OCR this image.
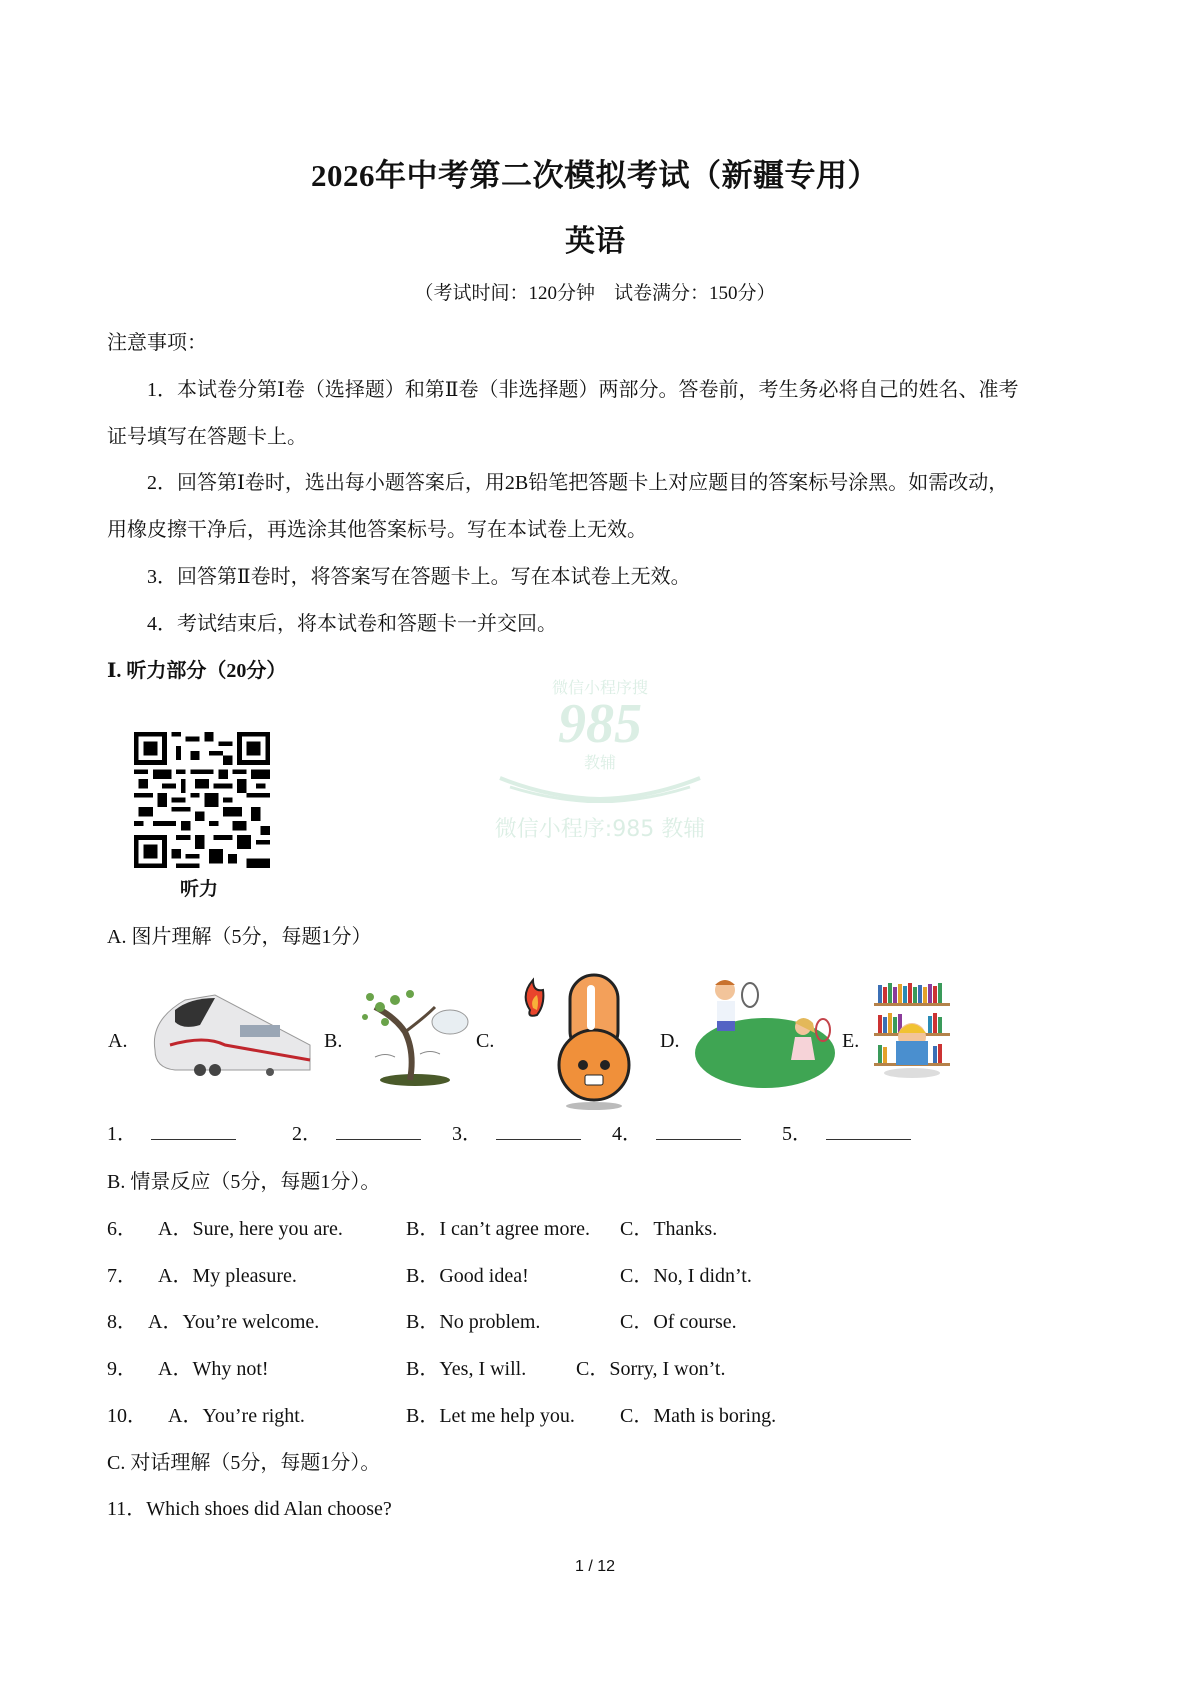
2026年中考第二次模拟考试（新疆专用）
英语
（考试时间：120分钟　试卷满分：150分）
注意事项：
1．本试卷分第Ⅰ卷（选择题）和第Ⅱ卷（非选择题）两部分。答卷前，考生务必将自己的姓名、准考
证号填写在答题卡上。
2．回答第Ⅰ卷时，选出每小题答案后，用2B铅笔把答题卡上对应题目的答案标号涂黑。如需改动，
用橡皮擦干净后，再选涂其他答案标号。写在本试卷上无效。
3．回答第Ⅱ卷时，将答案写在答题卡上。写在本试卷上无效。
4．考试结束后，将本试卷和答题卡一并交回。
Ⅰ. 听力部分（20分）
听力
微信小程序搜
985
教辅
微信小程序:985 教辅
A. 图片理解（5分，每题1分）
A.	B.	C.	D.	E.
1．	2．	3．	4．	5．
B. 情景反应（5分，每题1分）。
6． A．Sure, here you are.	B．I can’t agree more. C．Thanks.
7． A．My pleasure.	B．Good idea!	C．No, I didn’t.
8． A．You’re welcome.	B．No problem.	C．Of course.
9． A．Why not!	B．Yes, I will. C．Sorry, I won’t.
10． A．You’re right.	B．Let me help you. C．Math is boring.
C. 对话理解（5分，每题1分）。
11．Which shoes did Alan choose?
1 / 12
